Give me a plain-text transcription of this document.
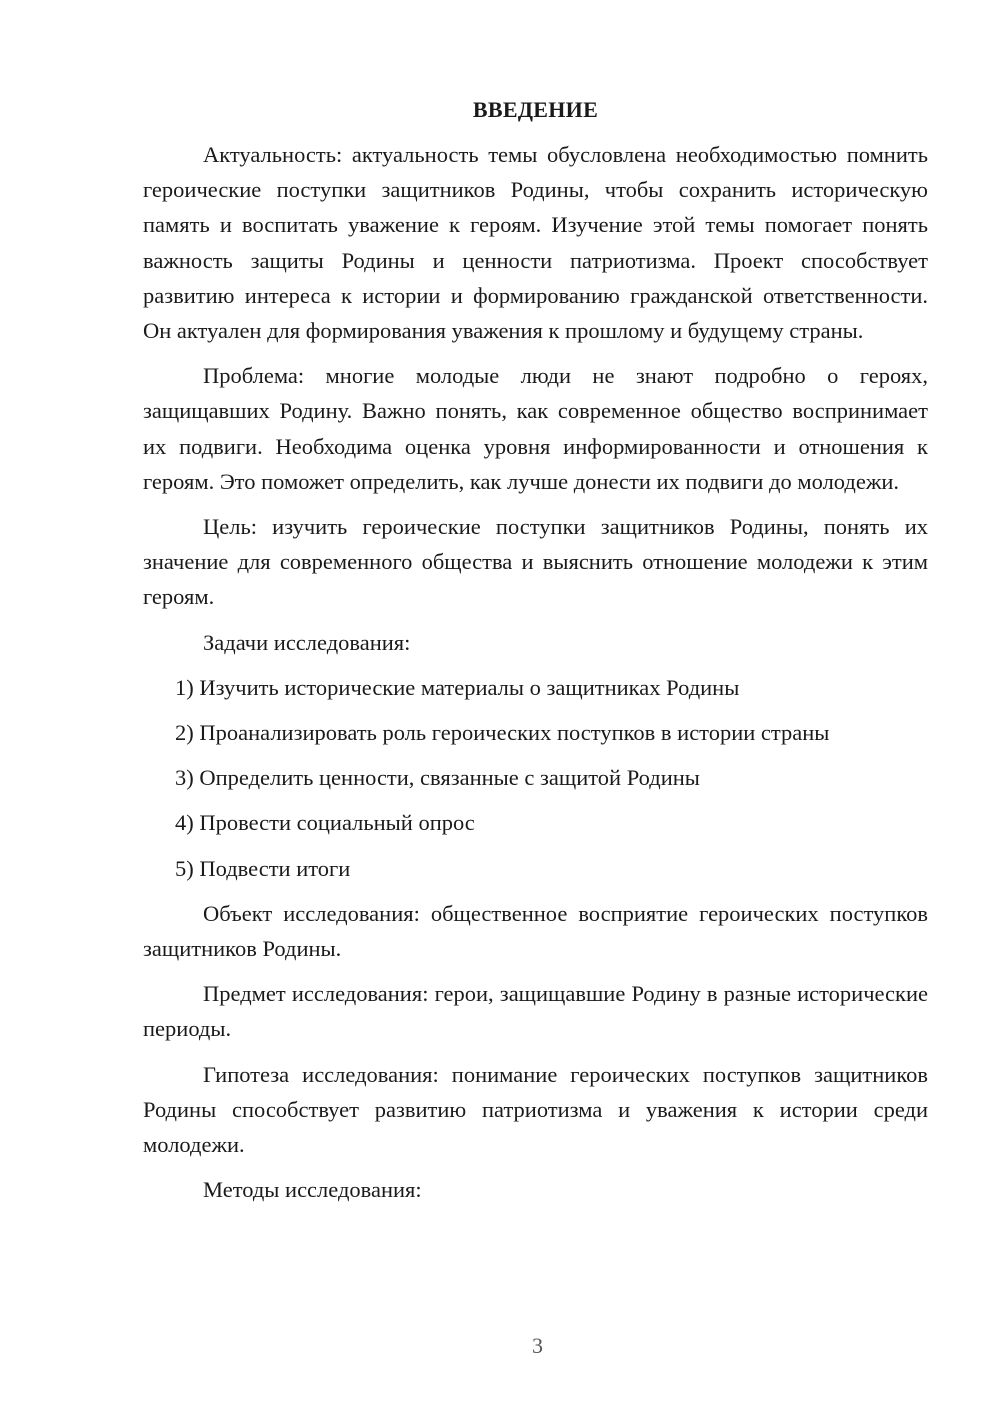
ВВЕДЕНИЕ

Актуальность: актуальность темы обусловлена необходимостью помнить героические поступки защитников Родины, чтобы сохранить историческую память и воспитать уважение к героям. Изучение этой темы помогает понять важность защиты Родины и ценности патриотизма. Проект способствует развитию интереса к истории и формированию гражданской ответственности. Он актуален для формирования уважения к прошлому и будущему страны.

Проблема: многие молодые люди не знают подробно о героях, защищавших Родину. Важно понять, как современное общество воспринимает их подвиги. Необходима оценка уровня информированности и отношения к героям. Это поможет определить, как лучше донести их подвиги до молодежи.

Цель: изучить героические поступки защитников Родины, понять их значение для современного общества и выяснить отношение молодежи к этим героям.

Задачи исследования:

1) Изучить исторические материалы о защитниках Родины

2) Проанализировать роль героических поступков в истории страны

3) Определить ценности, связанные с защитой Родины

4) Провести социальный опрос

5) Подвести итоги

Объект исследования: общественное восприятие героических поступков защитников Родины.

Предмет исследования: герои, защищавшие Родину в разные исторические периоды.

Гипотеза исследования: понимание героических поступков защитников Родины способствует развитию патриотизма и уважения к истории среди молодежи.

Методы исследования:

3
